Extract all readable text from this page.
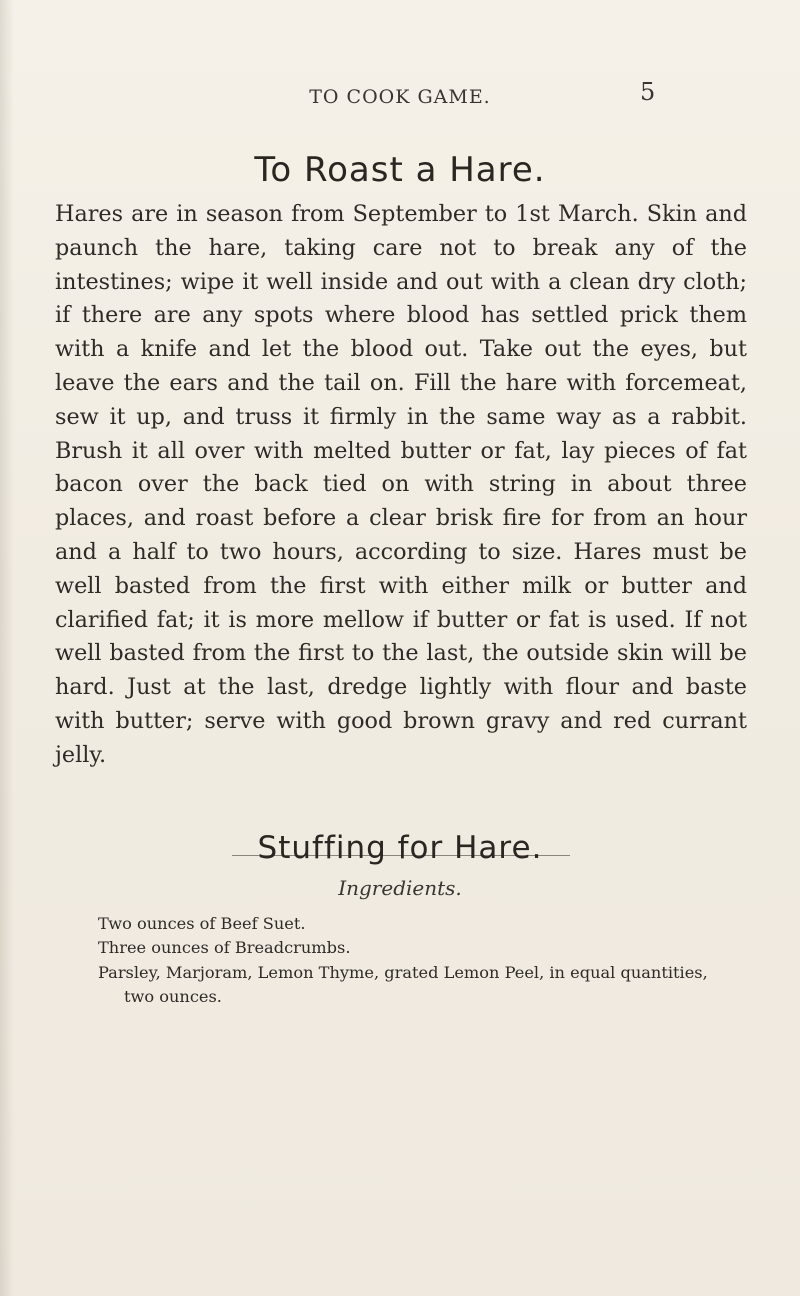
TO COOK GAME.	5
To Roast a Hare.

Hares are in season from September to 1st March. Skin and paunch the hare, taking care not to break any of the intestines; wipe it well inside and out with a clean dry cloth; if there are any spots where blood has settled prick them with a knife and let the blood out. Take out the eyes, but leave the ears and the tail on. Fill the hare with forcemeat, sew it up, and truss it firmly in the same way as a rabbit. Brush it all over with melted butter or fat, lay pieces of fat bacon over the back tied on with string in about three places, and roast before a clear brisk fire for from an hour and a half to two hours, according to size. Hares must be well basted from the first with either milk or butter and clarified fat; it is more mellow if butter or fat is used. If not well basted from the first to the last, the outside skin will be hard. Just at the last, dredge lightly with flour and baste with butter; serve with good brown gravy and red currant jelly.

Stuffing for Hare.
Ingredients.
Two ounces of Beef Suet.
Three ounces of Breadcrumbs.
Parsley, Marjoram, Lemon Thyme, grated Lemon Peel, in equal quantities, two ounces.
